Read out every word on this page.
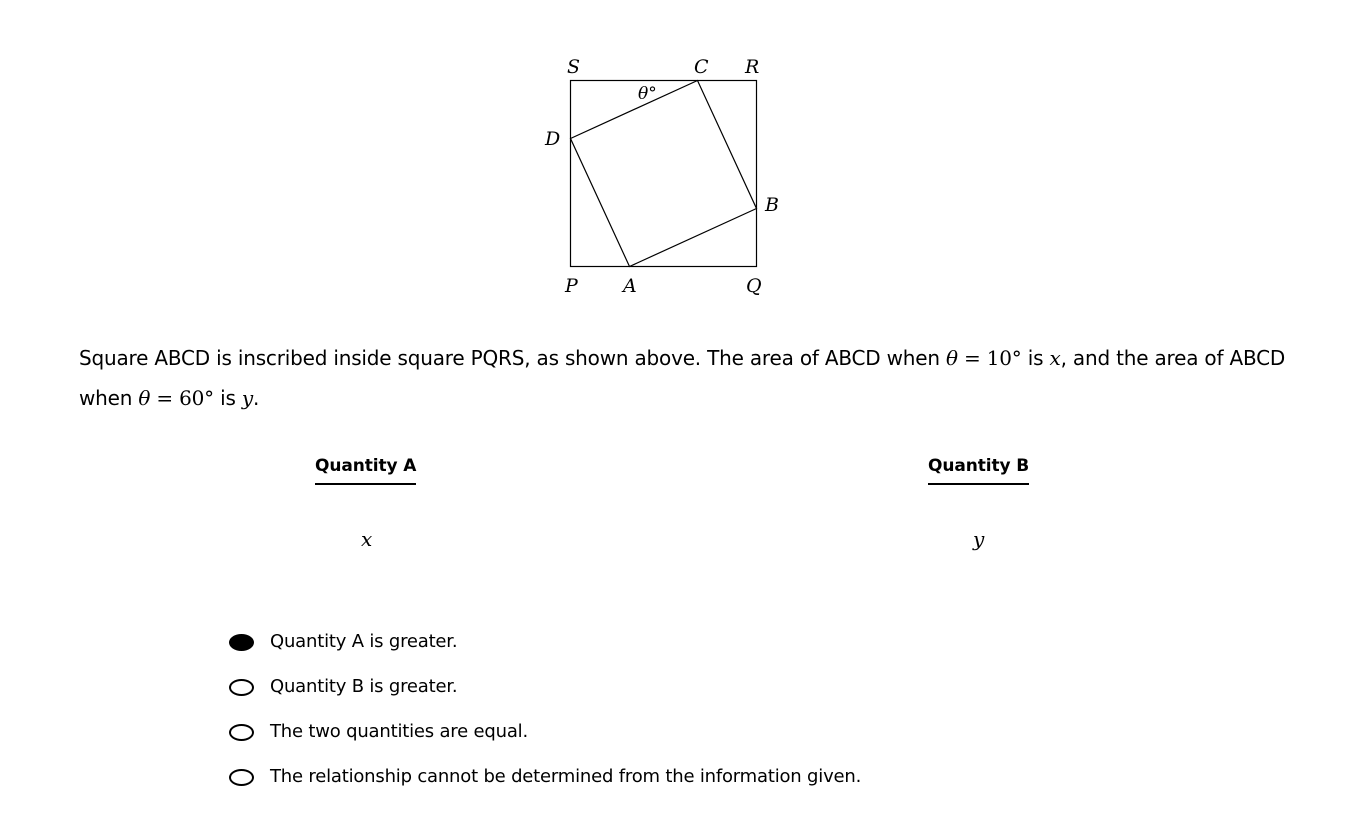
S	C R
D
B
P A	Q
θ°
Square ABCD is inscribed inside square PQRS, as shown above. The area of ABCD when θ = 10° is x, and the area of ABCD when θ = 60° is y.
Quantity A	Quantity B
x	y
Quantity A is greater.
Quantity B is greater.
The two quantities are equal.
The relationship cannot be determined from the information given.
